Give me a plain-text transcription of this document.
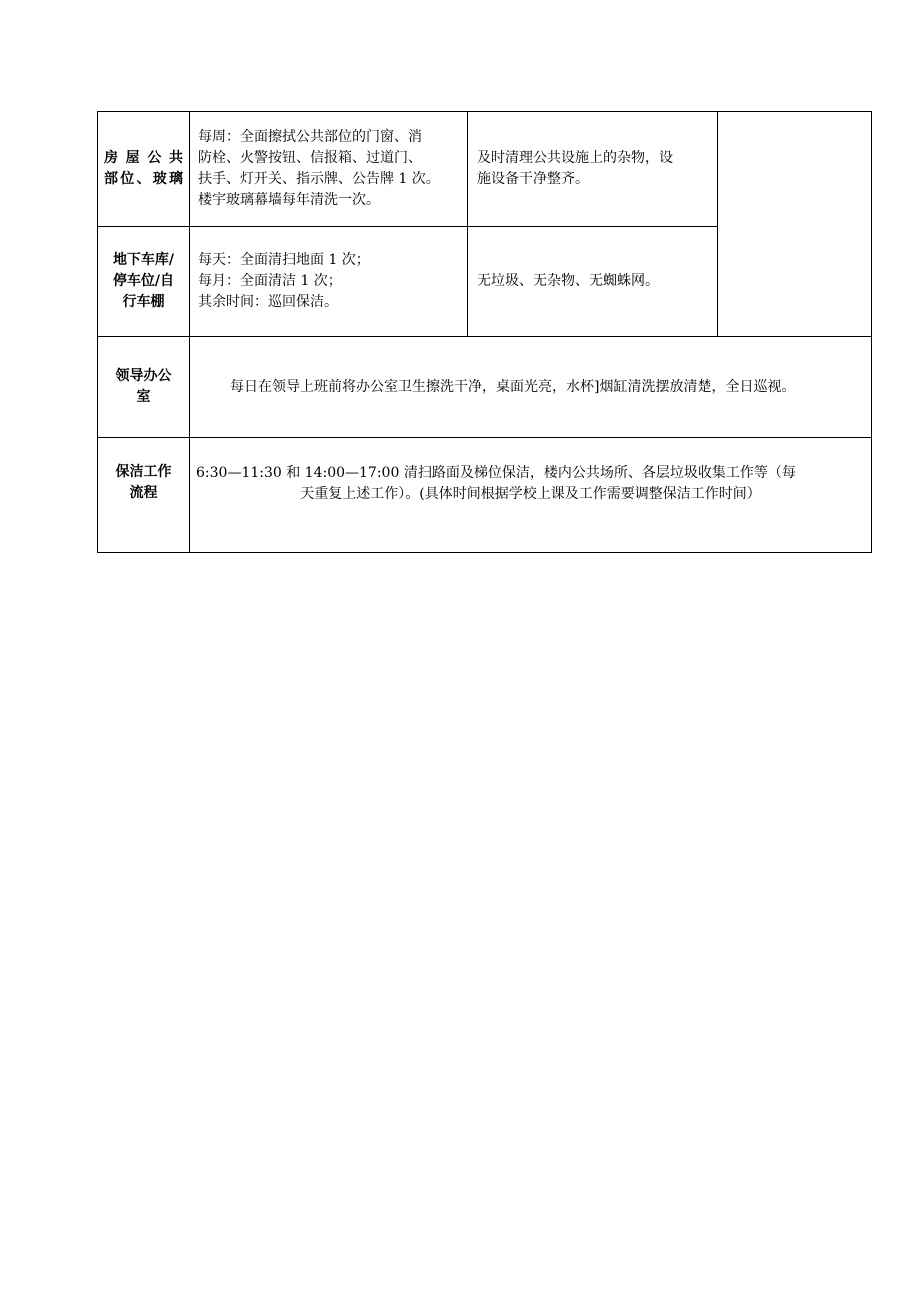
房屋公共
部位、玻璃	每周：全面擦拭公共部位的门窗、消
防栓、火警按钮、信报箱、过道门、
扶手、灯开关、指示牌、公告牌 1 次。
楼宇玻璃幕墙每年清洗一次。	及时清理公共设施上的杂物，设
施设备干净整齐。	

地下车库/
停车位/自
行车棚	每天：全面清扫地面 1 次；
每月：全面清洁 1 次；
其余时间：巡回保洁。	无垃圾、无杂物、无蜘蛛网。	

领导办公
室	每日在领导上班前将办公室卫生擦洗干净，桌面光亮，水杯]烟缸清洗摆放清楚，全日巡视。		

保洁工作
流程	6:30—11:30 和 14:00—17:00 清扫路面及梯位保洁，楼内公共场所、各层垃圾收集工作等（每
天重复上述工作）。(具体时间根据学校上课及工作需要调整保洁工作时间）		
